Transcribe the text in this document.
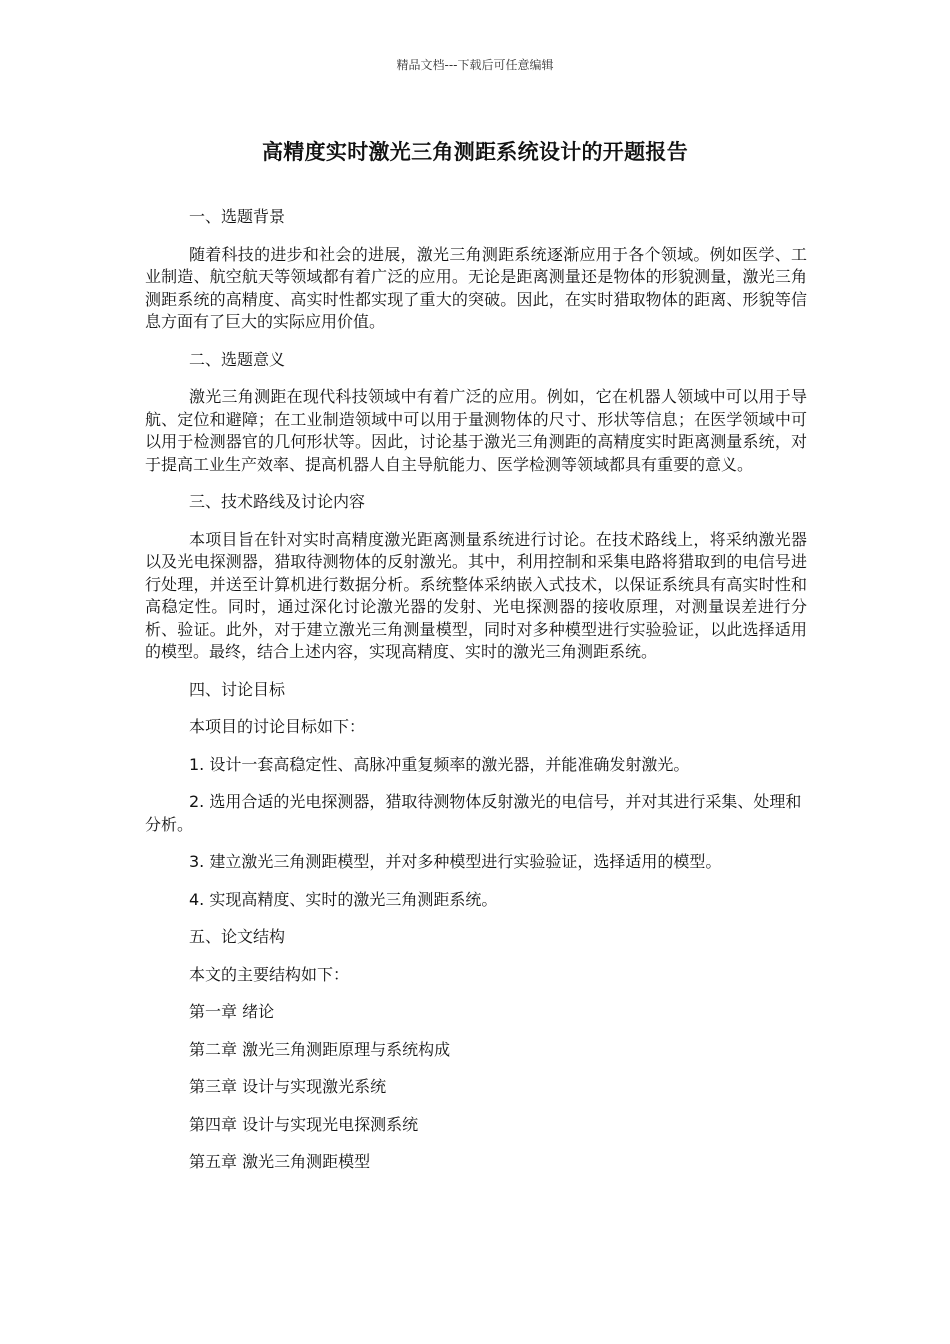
精品文档---下载后可任意编辑
高精度实时激光三角测距系统设计的开题报告

一、选题背景

随着科技的进步和社会的进展，激光三角测距系统逐渐应用于各个领域。例如医学、工业制造、航空航天等领域都有着广泛的应用。无论是距离测量还是物体的形貌测量，激光三角测距系统的高精度、高实时性都实现了重大的突破。因此，在实时猎取物体的距离、形貌等信息方面有了巨大的实际应用价值。

二、选题意义

激光三角测距在现代科技领域中有着广泛的应用。例如，它在机器人领域中可以用于导航、定位和避障；在工业制造领域中可以用于量测物体的尺寸、形状等信息；在医学领域中可以用于检测器官的几何形状等。因此，讨论基于激光三角测距的高精度实时距离测量系统，对于提高工业生产效率、提高机器人自主导航能力、医学检测等领域都具有重要的意义。

三、技术路线及讨论内容

本项目旨在针对实时高精度激光距离测量系统进行讨论。在技术路线上，将采纳激光器以及光电探测器，猎取待测物体的反射激光。其中，利用控制和采集电路将猎取到的电信号进行处理，并送至计算机进行数据分析。系统整体采纳嵌入式技术，以保证系统具有高实时性和高稳定性。同时，通过深化讨论激光器的发射、光电探测器的接收原理，对测量误差进行分析、验证。此外，对于建立激光三角测量模型，同时对多种模型进行实验验证，以此选择适用的模型。最终，结合上述内容，实现高精度、实时的激光三角测距系统。

四、讨论目标

本项目的讨论目标如下：

1. 设计一套高稳定性、高脉冲重复频率的激光器，并能准确发射激光。

2. 选用合适的光电探测器，猎取待测物体反射激光的电信号，并对其进行采集、处理和分析。

3. 建立激光三角测距模型，并对多种模型进行实验验证，选择适用的模型。

4. 实现高精度、实时的激光三角测距系统。

五、论文结构

本文的主要结构如下：

第一章 绪论

第二章 激光三角测距原理与系统构成

第三章 设计与实现激光系统

第四章 设计与实现光电探测系统

第五章 激光三角测距模型
